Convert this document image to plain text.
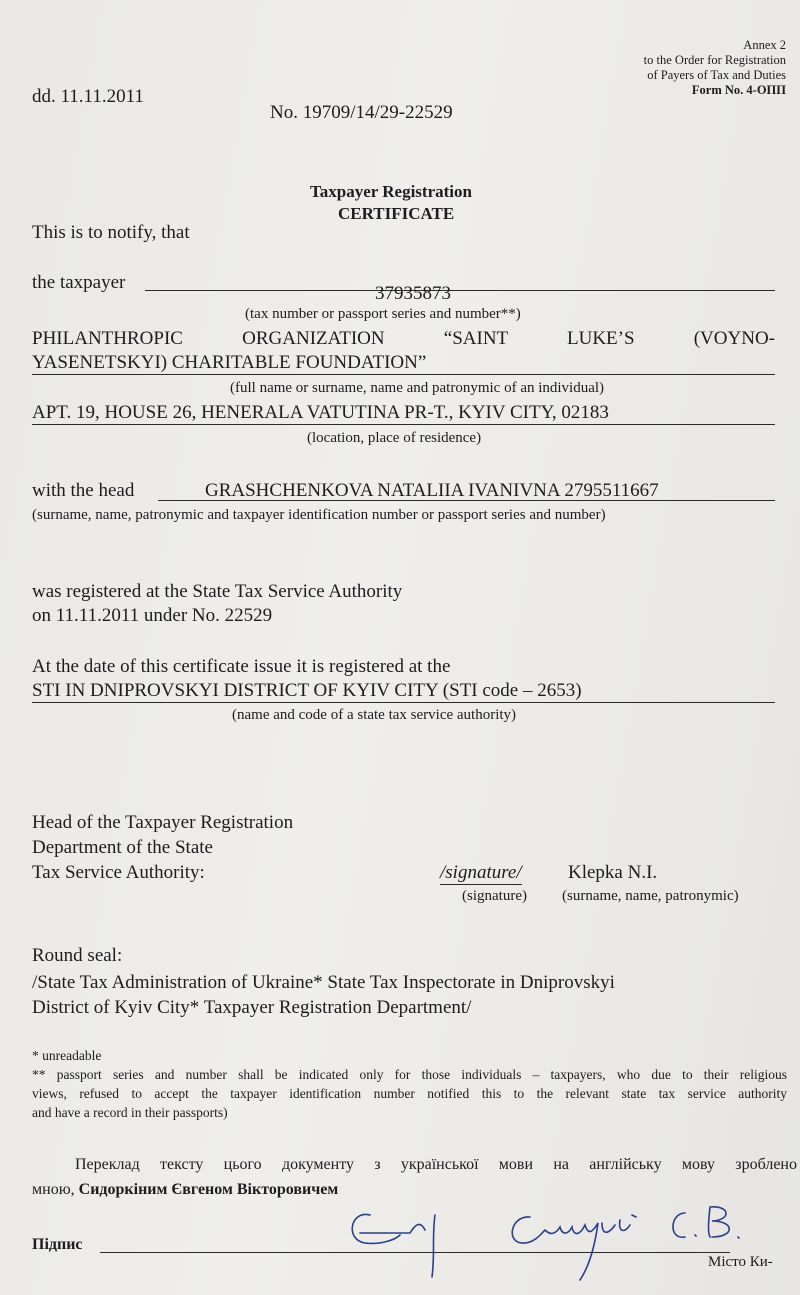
Annex 2
to the Order for Registration
of Payers of Tax and Duties
Form No. 4-ОПП
dd. 11.11.2011
No. 19709/14/29-22529
Taxpayer Registration
CERTIFICATE
This is to notify, that
the taxpayer
37935873
(tax number or passport series and number**)
PHILANTHROPIC ORGANIZATION “SAINT LUKE’S (VOYNO-
YASENETSKYI) CHARITABLE FOUNDATION”
(full name or surname, name and patronymic of an individual)
APT. 19, HOUSE 26, HENERALA VATUTINA PR-T., KYIV CITY, 02183
(location, place of residence)
with the head	GRASHCHENKOVA NATALIIA IVANIVNA 2795511667
(surname, name, patronymic and taxpayer identification number or passport series and number)
was registered at the State Tax Service Authority
on 11.11.2011 under No. 22529
At the date of this certificate issue it is registered at the
STI IN DNIPROVSKYI DISTRICT OF KYIV CITY (STI code – 2653)
(name and code of a state tax service authority)
Head of the Taxpayer Registration
Department of the State
Tax Service Authority:	/signature/ Klepka N.I.
(signature) (surname, name, patronymic)
Round seal:
/State Tax Administration of Ukraine* State Tax Inspectorate in Dniprovskyi
District of Kyiv City* Taxpayer Registration Department/

* unreadable

** passport series and number shall be indicated only for those individuals – taxpayers, who due to their religious

views, refused to accept the taxpayer identification number notified this to the relevant state tax service authority

and have a record in their passports)

Переклад тексту цього документу з української мови на англійську мову зроблено
мною, Сидоркіним Євгеном Вікторовичем
Підпис
Місто Ки-
